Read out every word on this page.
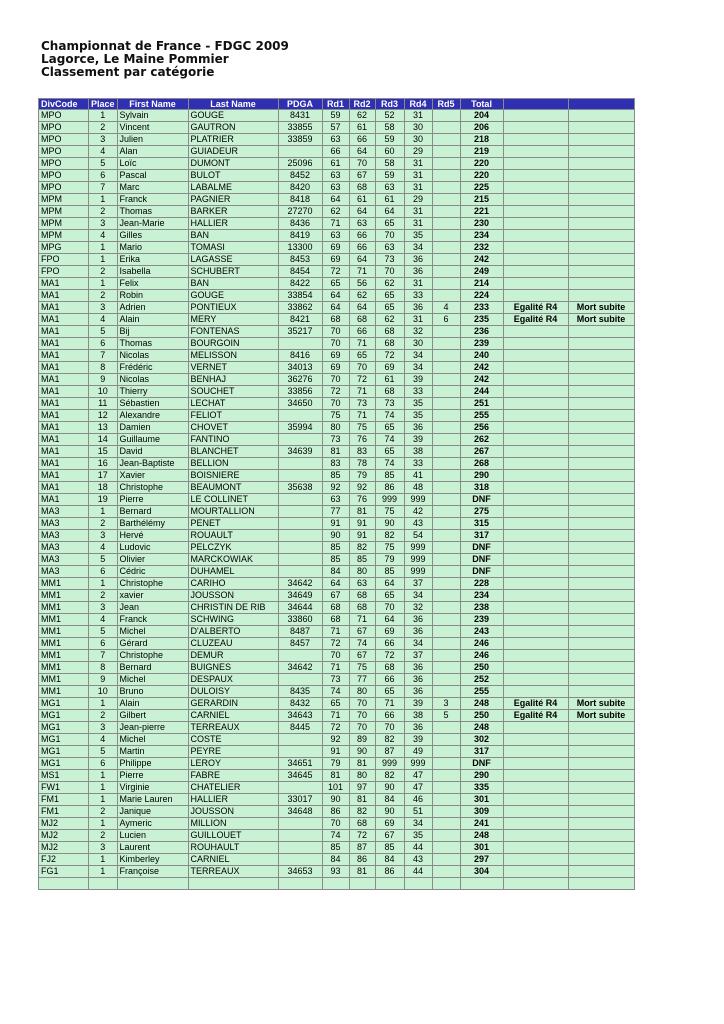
Championnat de France - FDGC 2009
Lagorce, Le Maine Pommier
Classement par catégorie
DivCode	Place	First Name	Last Name	PDGA	Rd1	Rd2	Rd3	Rd4	Rd5	Total		
MPO	1	Sylvain	GOUGE	8431	59	62	52	31		204		
MPO	2	Vincent	GAUTRON	33855	57	61	58	30		206		
MPO	3	Julien	PLATRIER	33859	63	66	59	30		218		
MPO	4	Alan	GUIADEUR		66	64	60	29		219		
MPO	5	Loïc	DUMONT	25096	61	70	58	31		220		
MPO	6	Pascal	BULOT	8452	63	67	59	31		220		
MPO	7	Marc	LABALME	8420	63	68	63	31		225		
MPM	1	Franck	PAGNIER	8418	64	61	61	29		215		
MPM	2	Thomas	BARKER	27270	62	64	64	31		221		
MPM	3	Jean-Marie	HALLIER	8436	71	63	65	31		230		
MPM	4	Gilles	BAN	8419	63	66	70	35		234		
MPG	1	Mario	TOMASI	13300	69	66	63	34		232		
FPO	1	Erika	LAGASSE	8453	69	64	73	36		242		
FPO	2	Isabella	SCHUBERT	8454	72	71	70	36		249		
MA1	1	Felix	BAN	8422	65	56	62	31		214		
MA1	2	Robin	GOUGE	33854	64	62	65	33		224		
MA1	3	Adrien	PONTIEUX	33862	64	64	65	36	4	233	Egalité R4	Mort subite
MA1	4	Alain	MERY	8421	68	68	62	31	6	235	Egalité R4	Mort subite
MA1	5	Bij	FONTENAS	35217	70	66	68	32		236		
MA1	6	Thomas	BOURGOIN		70	71	68	30		239		
MA1	7	Nicolas	MELISSON	8416	69	65	72	34		240		
MA1	8	Frédéric	VERNET	34013	69	70	69	34		242		
MA1	9	Nicolas	BENHAJ	36276	70	72	61	39		242		
MA1	10	Thierry	SOUCHET	33856	72	71	68	33		244		
MA1	11	Sébastien	LECHAT	34650	70	73	73	35		251		
MA1	12	Alexandre	FELIOT		75	71	74	35		255		
MA1	13	Damien	CHOVET	35994	80	75	65	36		256		
MA1	14	Guillaume	FANTINO		73	76	74	39		262		
MA1	15	David	BLANCHET	34639	81	83	65	38		267		
MA1	16	Jean-Baptiste	BELLION		83	78	74	33		268		
MA1	17	Xavier	BOISNIERE		85	79	85	41		290		
MA1	18	Christophe	BEAUMONT	35638	92	92	86	48		318		
MA1	19	Pierre	LE COLLINET		63	76	999	999		DNF		
MA3	1	Bernard	MOURTALLION		77	81	75	42		275		
MA3	2	Barthélémy	PENET		91	91	90	43		315		
MA3	3	Hervé	ROUAULT		90	91	82	54		317		
MA3	4	Ludovic	PELCZYK		85	82	75	999		DNF		
MA3	5	Olivier	MARCKOWIAK		85	85	79	999		DNF		
MA3	6	Cédric	DUHAMEL		84	80	85	999		DNF		
MM1	1	Christophe	CARIHO	34642	64	63	64	37		228		
MM1	2	xavier	JOUSSON	34649	67	68	65	34		234		
MM1	3	Jean	CHRISTIN DE RIB	34644	68	68	70	32		238		
MM1	4	Franck	SCHWING	33860	68	71	64	36		239		
MM1	5	Michel	D'ALBERTO	8487	71	67	69	36		243		
MM1	6	Gérard	CLUZEAU	8457	72	74	66	34		246		
MM1	7	Christophe	DEMUR		70	67	72	37		246		
MM1	8	Bernard	BUIGNES	34642	71	75	68	36		250		
MM1	9	Michel	DESPAUX		73	77	66	36		252		
MM1	10	Bruno	DULOISY	8435	74	80	65	36		255		
MG1	1	Alain	GERARDIN	8432	65	70	71	39	3	248	Egalité R4	Mort subite
MG1	2	Gilbert	CARNIEL	34643	71	70	66	38	5	250	Egalité R4	Mort subite
MG1	3	Jean-pierre	TERREAUX	8445	72	70	70	36		248		
MG1	4	Michel	COSTE		92	89	82	39		302		
MG1	5	Martin	PEYRE		91	90	87	49		317		
MG1	6	Philippe	LEROY	34651	79	81	999	999		DNF		
MS1	1	Pierre	FABRE	34645	81	80	82	47		290		
FW1	1	Virginie	CHATELIER		101	97	90	47		335		
FM1	1	Marie Lauren	HALLIER	33017	90	81	84	46		301		
FM1	2	Janique	JOUSSON	34648	86	82	90	51		309		
MJ2	1	Aymeric	MILLION		70	68	69	34		241		
MJ2	2	Lucien	GUILLOUET		74	72	67	35		248		
MJ2	3	Laurent	ROUHAULT		85	87	85	44		301		
FJ2	1	Kimberley	CARNIEL		84	86	84	43		297		
FG1	1	Françoise	TERREAUX	34653	93	81	86	44		304		
